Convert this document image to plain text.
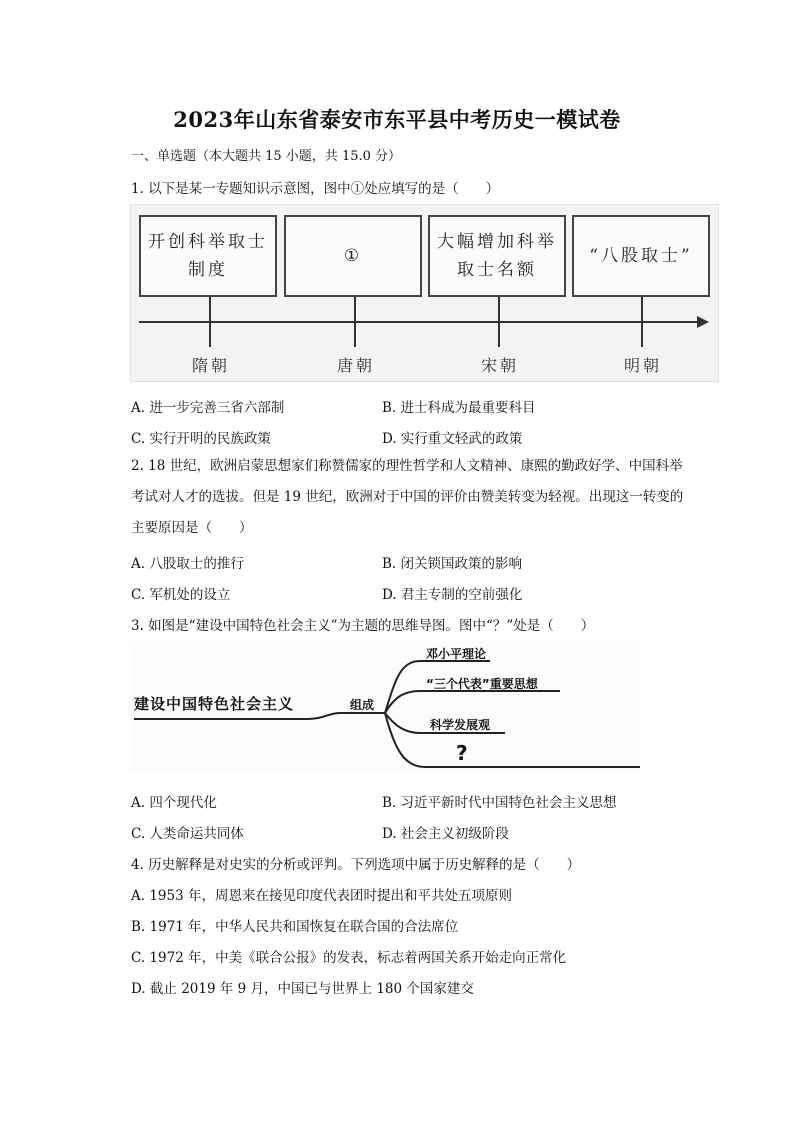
2023年山东省泰安市东平县中考历史一模试卷
一、单选题（本大题共 15 小题，共 15.0 分）
1. 以下是某一专题知识示意图，图中①处应填写的是（　　）
开创科举取士制度
①
大幅增加科举取士名额
“八股取士”
隋朝	唐朝	宋朝	明朝
A. 进一步完善三省六部制	B. 进士科成为最重要科目
C. 实行开明的民族政策	D. 实行重文轻武的政策
2. 18 世纪，欧洲启蒙思想家们称赞儒家的理性哲学和人文精神、康熙的勤政好学、中国科举考试对人才的选拔。但是 19 世纪，欧洲对于中国的评价由赞美转变为轻视。出现这一转变的主要原因是（　　）
A. 八股取士的推行	B. 闭关锁国政策的影响
C. 军机处的设立	D. 君主专制的空前强化
3. 如图是“建设中国特色社会主义”为主题的思维导图。图中“？”处是（　　）
建设中国特色社会主义	组成
邓小平理论
“三个代表”重要思想
科学发展观
?
A. 四个现代化	B. 习近平新时代中国特色社会主义思想
C. 人类命运共同体	D. 社会主义初级阶段
4. 历史解释是对史实的分析或评判。下列选项中属于历史解释的是（　　）
A. 1953 年，周恩来在接见印度代表团时提出和平共处五项原则
B. 1971 年，中华人民共和国恢复在联合国的合法席位
C. 1972 年，中美《联合公报》的发表，标志着两国关系开始走向正常化
D. 截止 2019 年 9 月，中国已与世界上 180 个国家建交
